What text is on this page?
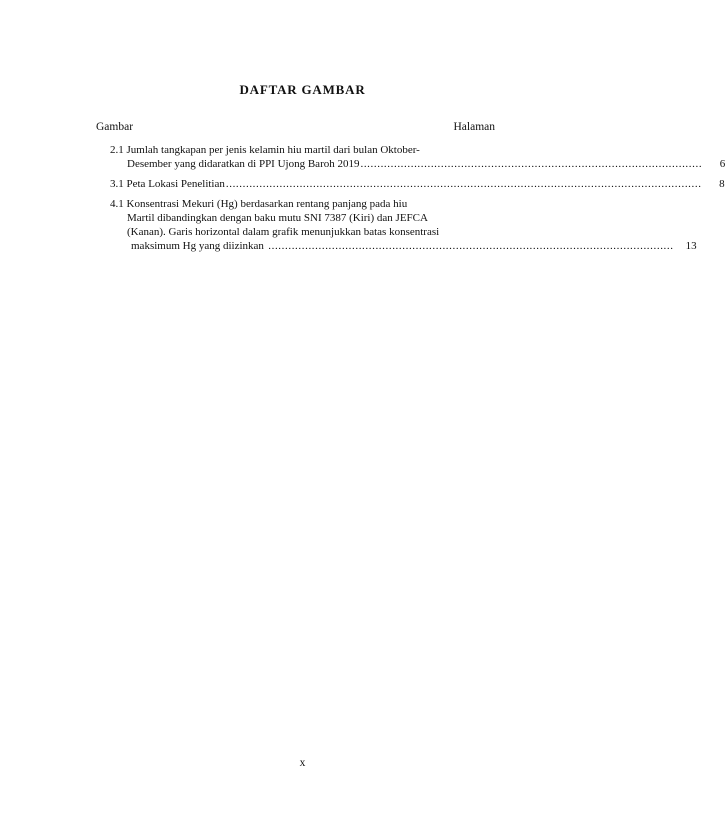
DAFTAR GAMBAR
Gambar	Halaman
2.1 Jumlah tangkapan per jenis kelamin hiu martil dari bulan Oktober-
Desember yang didaratkan di PPI Ujong Baroh 2019 ......................................................................................................	6
3.1 Peta Lokasi Penelitian ..............................................................................................................................................	8
4.1 Konsentrasi Mekuri (Hg) berdasarkan rentang panjang pada hiu
Martil dibandingkan dengan baku mutu SNI 7387 (Kiri) dan JEFCA
(Kanan). Garis horizontal dalam grafik menunjukkan batas konsentrasi
maksimum Hg yang diizinkan .........................................................................................................................	13
x
